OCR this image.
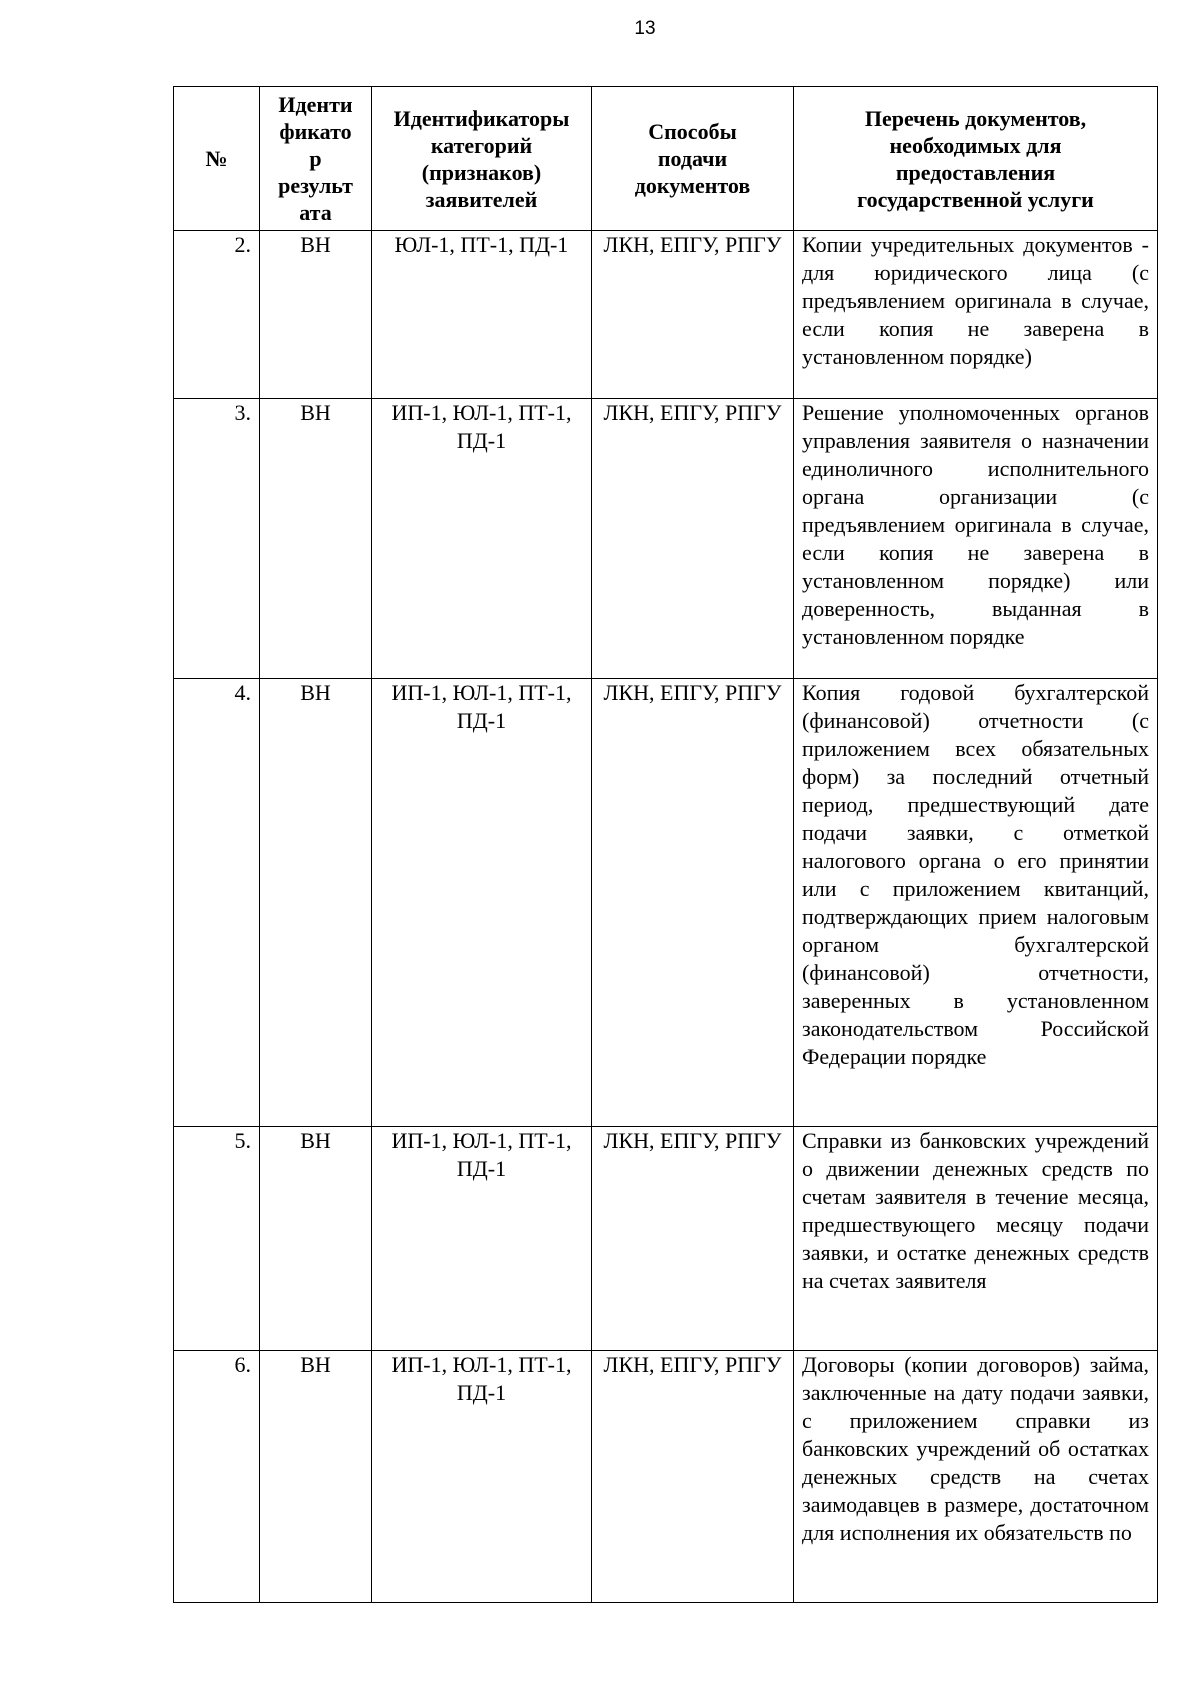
13
№	Иденти
фикато
р
результ
ата	Идентификаторы
категорий
(признаков)
заявителей	Способы
подачи
документов	Перечень документов,
необходимых для
предоставления
государственной услуги

2.	ВН	ЮЛ-1, ПТ-1, ПД-1	ЛКН, ЕПГУ, РПГУ	Копии учредительных документов - для юридического лица (с предъявлением оригинала в случае, если копия не заверена в установленном порядке)
3.	ВН	ИП-1, ЮЛ-1, ПТ-1, ПД-1	ЛКН, ЕПГУ, РПГУ	Решение уполномоченных органов управления заявителя о назначении единоличного исполнительного органа организации (с предъявлением оригинала в случае, если копия не заверена в установленном порядке) или доверенность, выданная в установленном порядке
4.	ВН	ИП-1, ЮЛ-1, ПТ-1, ПД-1	ЛКН, ЕПГУ, РПГУ	Копия годовой бухгалтерской (финансовой) отчетности (с приложением всех обязательных форм) за последний отчетный период, предшествующий дате подачи заявки, с отметкой налогового органа о его принятии или с приложением квитанций, подтверждающих прием налоговым органом бухгалтерской (финансовой) отчетности, заверенных в установленном законодательством Российской Федерации порядке
5.	ВН	ИП-1, ЮЛ-1, ПТ-1, ПД-1	ЛКН, ЕПГУ, РПГУ	Справки из банковских учреждений о движении денежных средств по счетам заявителя в течение месяца, предшествующего месяцу подачи заявки, и остатке денежных средств на счетах заявителя
6.	ВН	ИП-1, ЮЛ-1, ПТ-1, ПД-1	ЛКН, ЕПГУ, РПГУ	Договоры (копии договоров) займа, заключенные на дату подачи заявки, с приложением справки из банковских учреждений об остатках денежных средств на счетах заимодавцев в размере, достаточном для исполнения их обязательств по
